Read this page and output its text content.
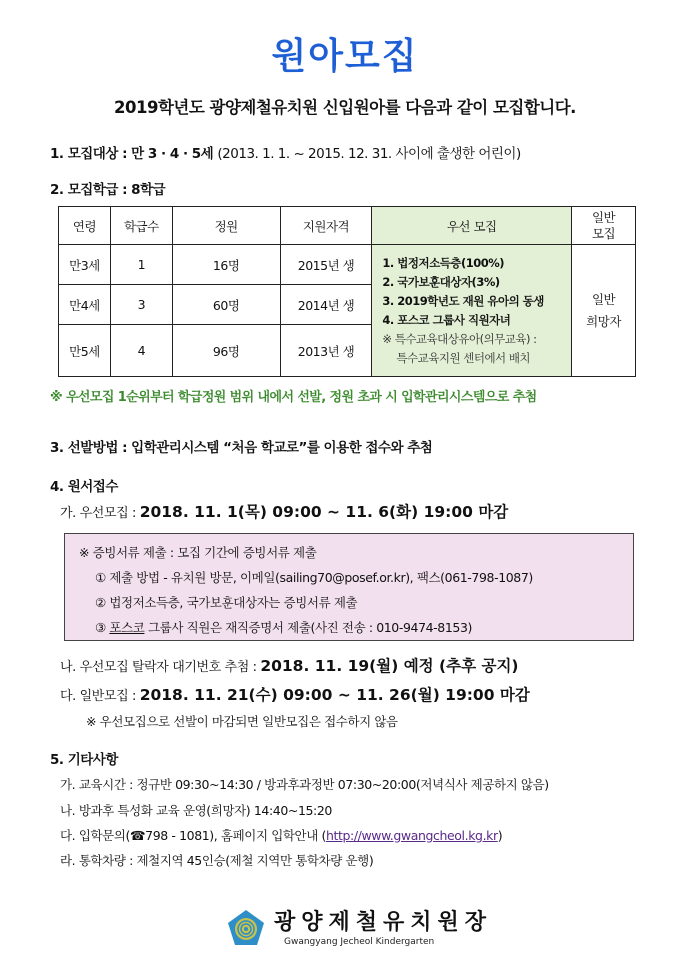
원아모집
2019학년도 광양제철유치원 신입원아를 다음과 같이 모집합니다.
1. 모집대상 : 만 3 · 4 · 5세 (2013. 1. 1. ~ 2015. 12. 31. 사이에 출생한 어린이)
2. 모집학급 : 8학급
연령	학급수	정원	지원자격	우선 모집	일반
모집
만3세	1	16명	2015년 생	1. 법정저소득층(100%)
2. 국가보훈대상자(3%)
3. 2019학년도 재원 유아의 동생
4. 포스코 그룹사 직원자녀
※ 특수교육대상유아(의무교육) :
특수교육지원 센터에서 배치
	일반
희망자
만4세	3	60명	2014년 생		
만5세	4	96명	2013년 생		
※ 우선모집 1순위부터 학급정원 범위 내에서 선발, 정원 초과 시 입학관리시스템으로 추첨
3. 선발방법 : 입학관리시스템 “처음 학교로”를 이용한 접수와 추첨
4. 원서접수
가. 우선모집 : 2018. 11. 1(목) 09:00 ~ 11. 6(화) 19:00 마감
※ 증빙서류 제출 : 모집 기간에 증빙서류 제출
① 제출 방법 - 유치원 방문, 이메일(sailing70@posef.or.kr), 팩스(061-798-1087)
② 법정저소득층, 국가보훈대상자는 증빙서류 제출
③ 포스코 그룹사 직원은 재직증명서 제출(사진 전송 : 010-9474-8153)
나. 우선모집 탈락자 대기번호 추첨 : 2018. 11. 19(월) 예정 (추후 공지)
다. 일반모집 : 2018. 11. 21(수) 09:00 ~ 11. 26(월) 19:00 마감
※ 우선모집으로 선발이 마감되면 일반모집은 접수하지 않음
5. 기타사항
가. 교육시간 : 정규반 09:30~14:30 / 방과후과정반 07:30~20:00(저녁식사 제공하지 않음)
나. 방과후 특성화 교육 운영(희망자) 14:40~15:20
다. 입학문의(☎798 - 1081), 홈페이지 입학안내 (http://www.gwangcheol.kg.kr)
라. 통학차량 : 제철지역 45인승(제철 지역만 통학차량 운행)
광양제철유치원장
Gwangyang Jecheol Kindergarten
